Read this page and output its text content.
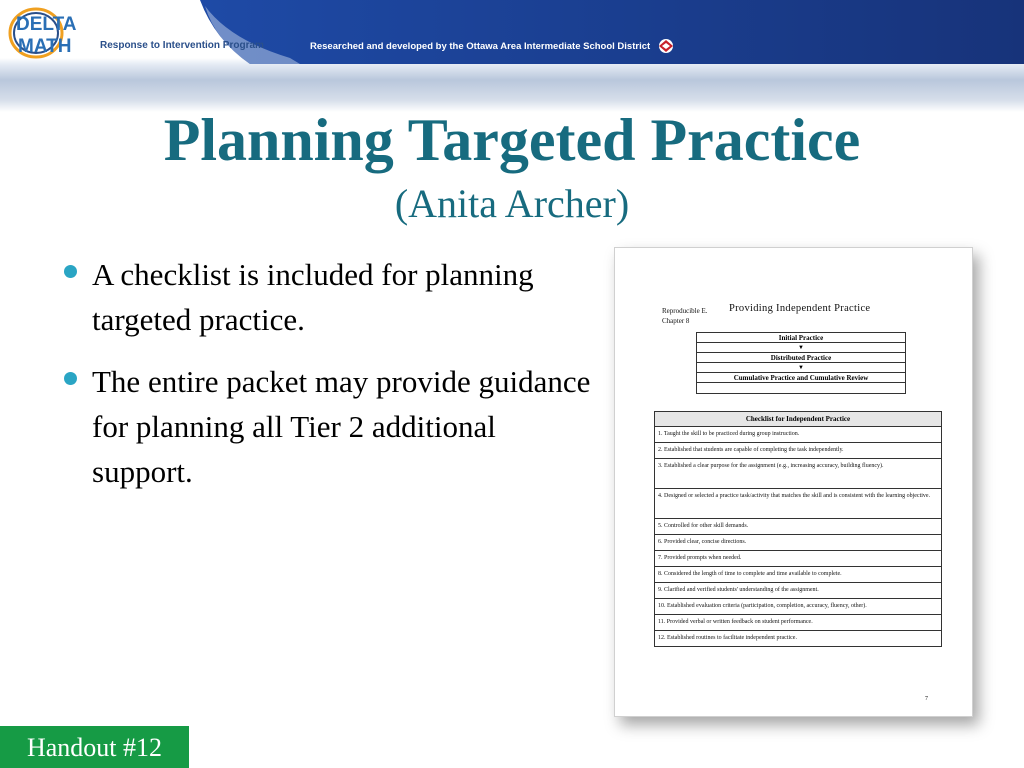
DELTA
MATH	Response to Intervention Program	Researched and developed by the Ottawa Area Intermediate School District
Planning Targeted Practice
(Anita Archer)
A checklist is included for planning targeted practice.
The entire packet may provide guidance for planning all Tier 2 additional support.
Reproducible E.
Chapter 8
Providing Independent Practice
Initial Practice
▼
Distributed Practice
▼
Cumulative Practice and Cumulative Review
Checklist for Independent Practice
1. Taught the skill to be practiced during group instruction.
2. Established that students are capable of completing the task independently.
3. Established a clear purpose for the assignment (e.g., increasing accuracy, building fluency).
4. Designed or selected a practice task/activity that matches the skill and is consistent with the learning objective.
5. Controlled for other skill demands.
6. Provided clear, concise directions.
7. Provided prompts when needed.
8. Considered the length of time to complete and time available to complete.
9. Clarified and verified students' understanding of the assignment.
10. Established evaluation criteria (participation, completion, accuracy, fluency, other).
11. Provided verbal or written feedback on student performance.
12. Established routines to facilitate independent practice.
7
Handout #12
